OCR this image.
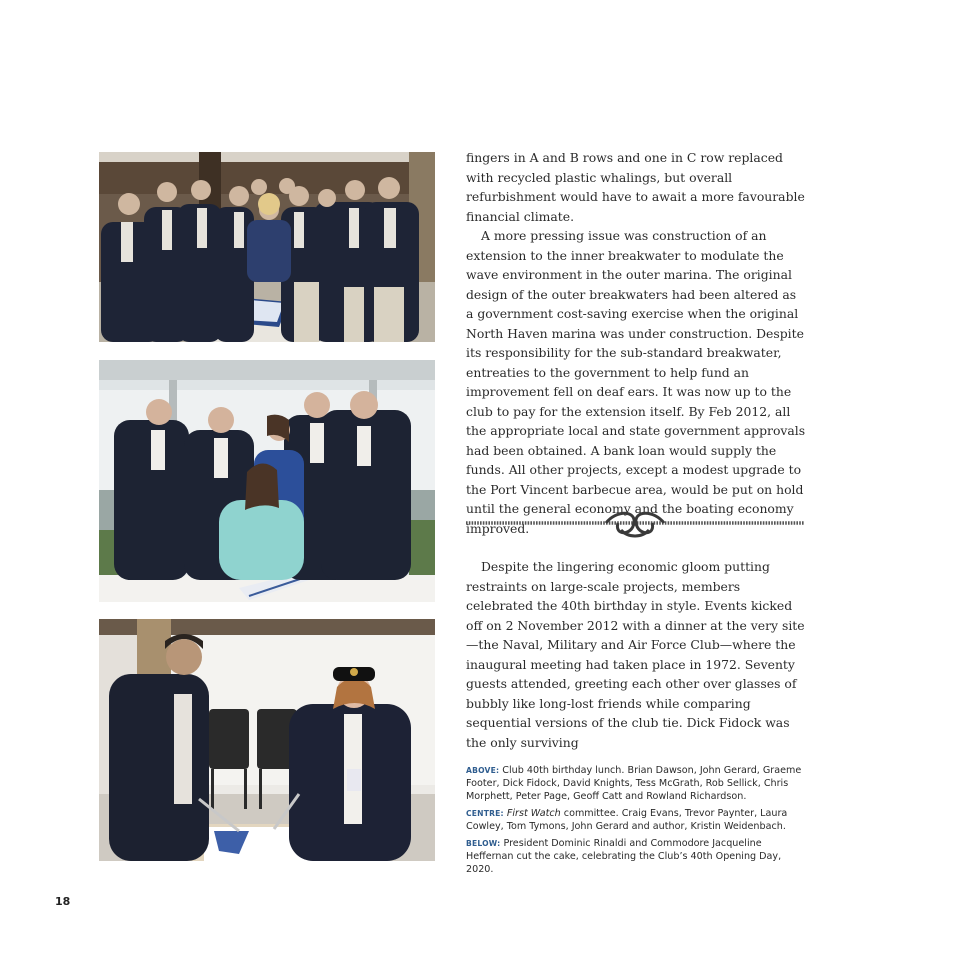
fingers in A and B rows and one in C row replaced with recycled plastic whalings, but overall refurbishment would have to await a more favourable financial climate.

A more pressing issue was construction of an extension to the inner breakwater to modulate the wave environment in the outer marina. The original design of the outer breakwaters had been altered as a government cost-saving exercise when the original North Haven marina was under construction. Despite its responsibility for the sub-standard breakwater, entreaties to the government to help fund an improvement fell on deaf ears. It was now up to the club to pay for the extension itself. By Feb 2012, all the appropriate local and state government approvals had been obtained. A bank loan would supply the funds. All other projects, except a modest upgrade to the Port Vincent barbecue area, would be put on hold until the general economy and the boating economy improved.

Despite the lingering economic gloom putting restraints on large-scale projects, members celebrated the 40th birthday in style. Events kicked off on 2 November 2012 with a dinner at the very site—the Naval, Military and Air Force Club—where the inaugural meeting had taken place in 1972. Seventy guests attended, greeting each other over glasses of bubbly like long-lost friends while comparing sequential versions of the club tie. Dick Fidock was the only surviving

ABOVE: Club 40th birthday lunch. Brian Dawson, John Gerard, Graeme Footer, Dick Fidock, David Knights, Tess McGrath, Rob Sellick, Chris Morphett, Peter Page, Geoff Catt and Rowland Richardson.

CENTRE: First Watch committee. Craig Evans, Trevor Paynter, Laura Cowley, Tom Tymons, John Gerard and author, Kristin Weidenbach.

BELOW: President Dominic Rinaldi and Commodore Jacqueline Heffernan cut the cake, celebrating the Club’s 40th Opening Day, 2020.

18
